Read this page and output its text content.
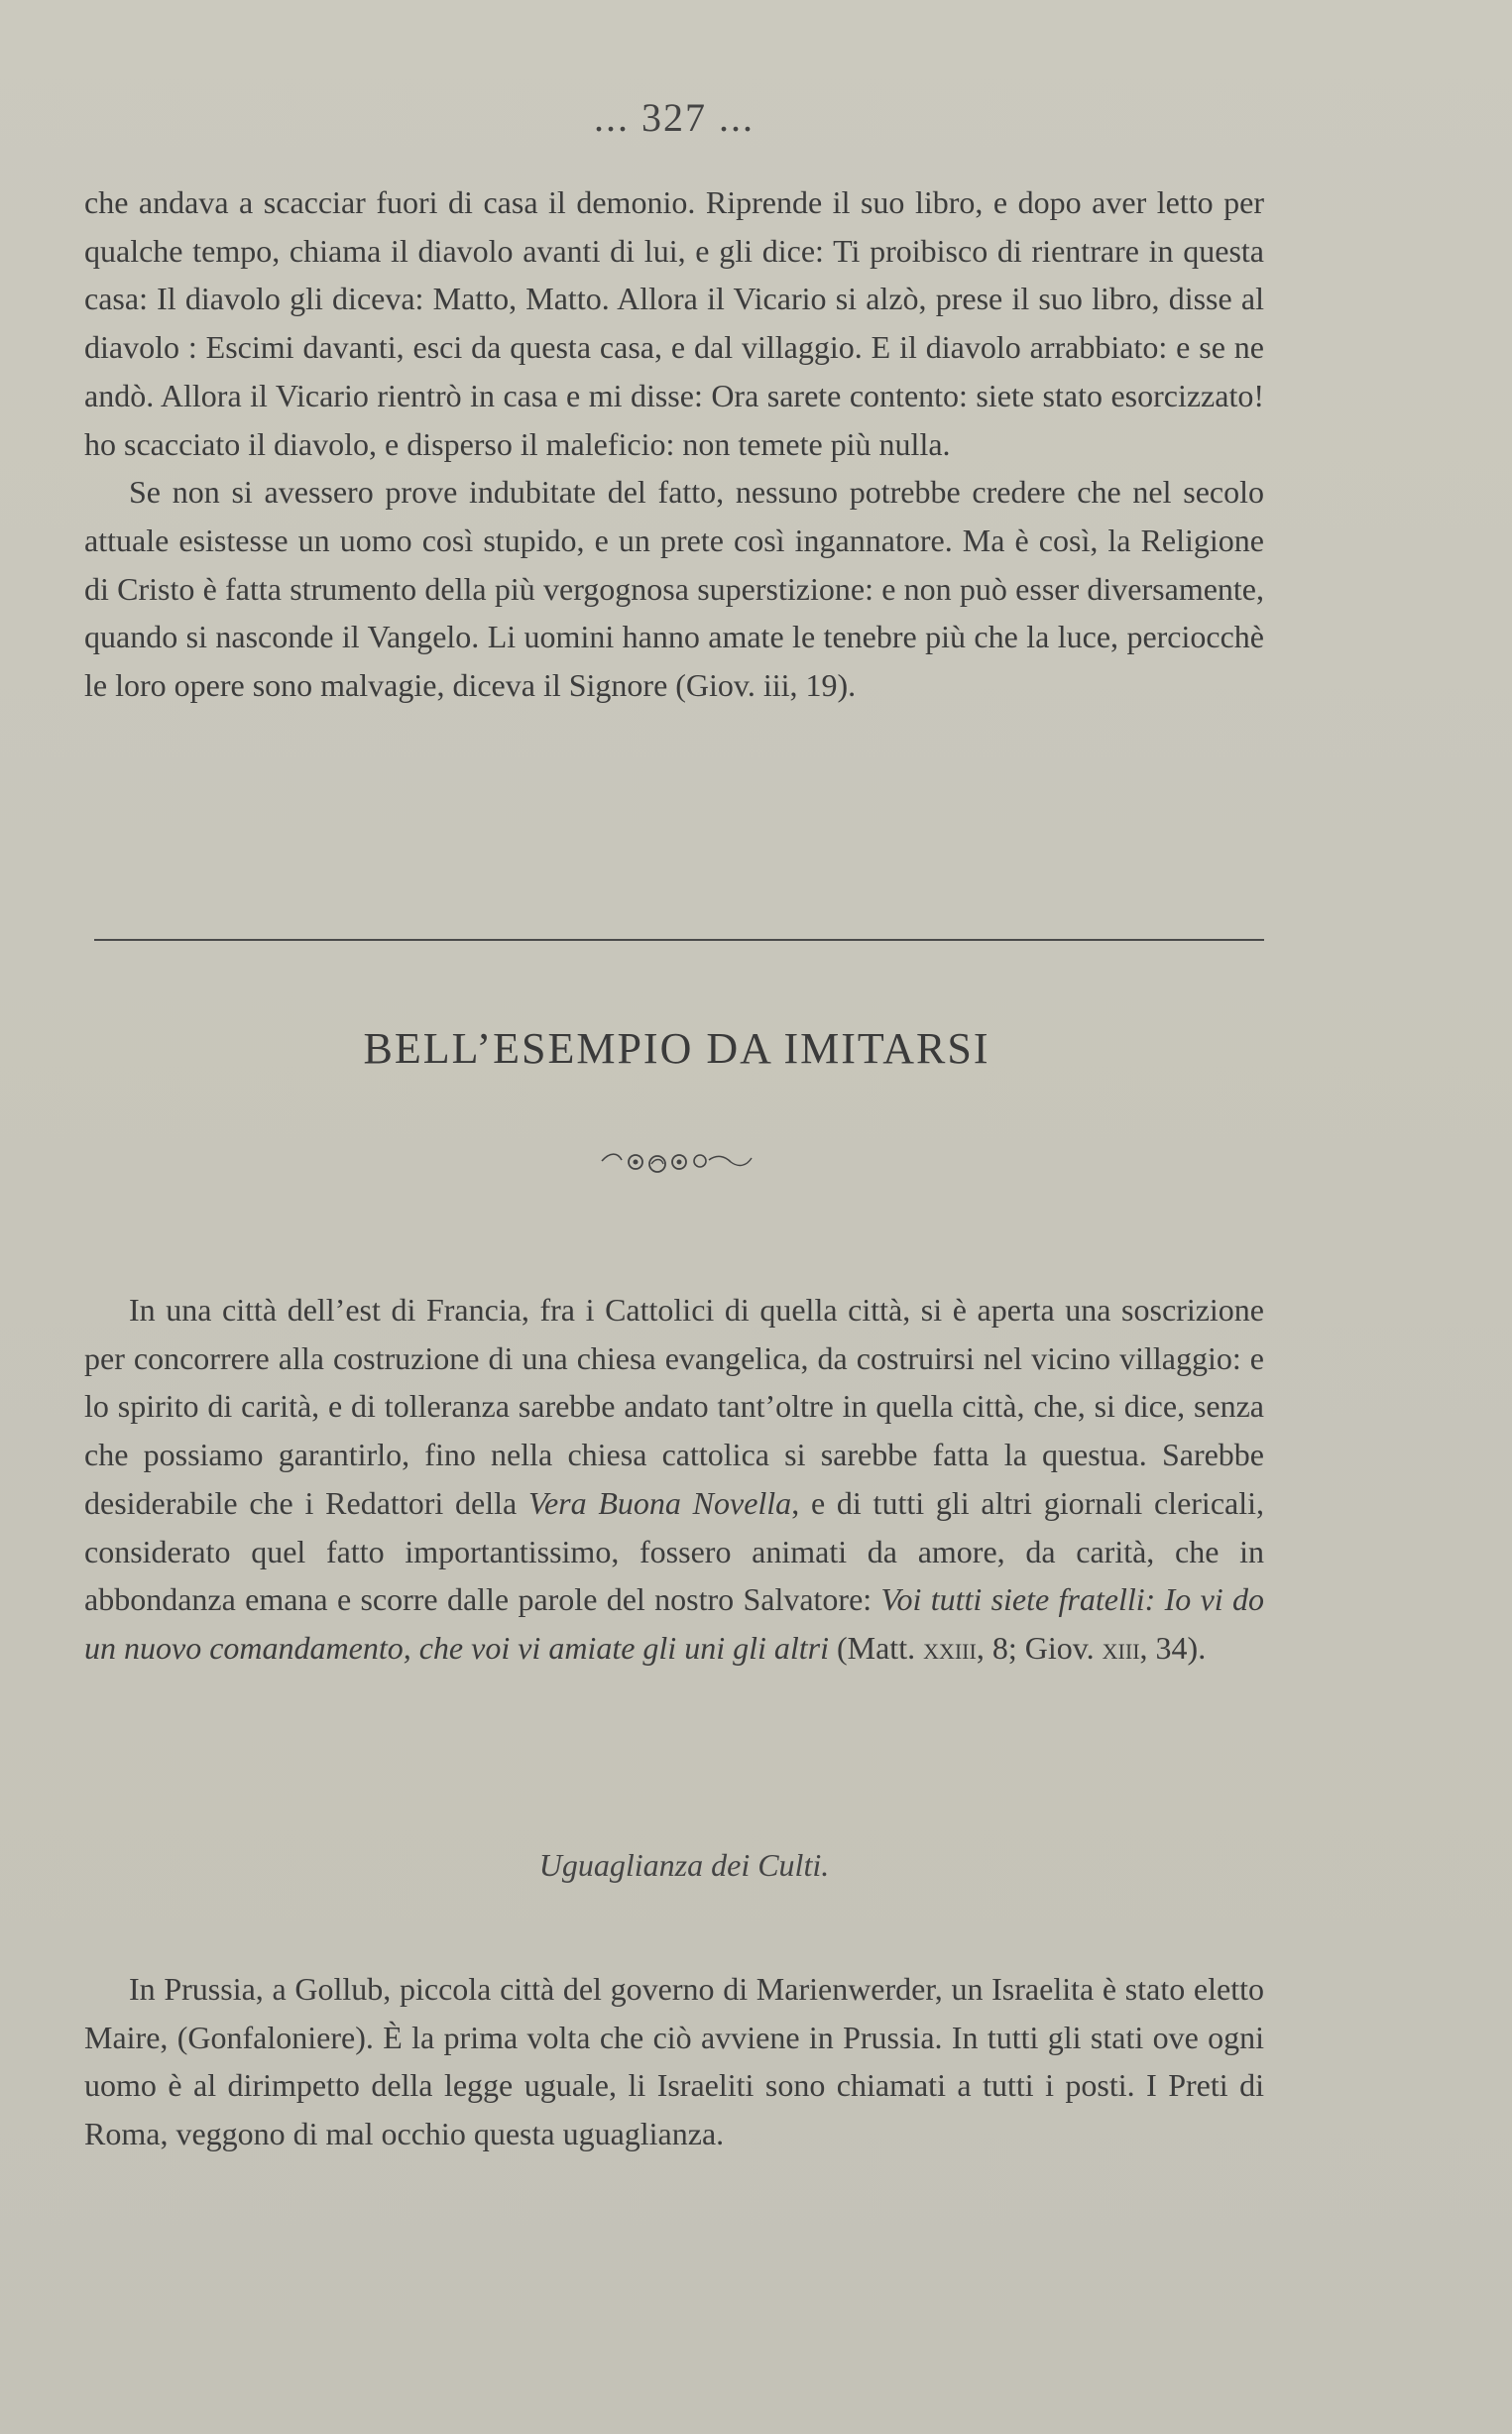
... 327 ...

che andava a scacciar fuori di casa il demonio. Riprende il suo libro, e dopo aver letto per qualche tempo, chiama il diavolo avanti di lui, e gli dice: Ti proibisco di rientrare in questa casa: Il diavolo gli diceva: Matto, Matto. Allora il Vicario si alzò, prese il suo libro, disse al diavolo : Escimi davanti, esci da questa casa, e dal villaggio. E il diavolo arrabbiato: e se ne andò. Allora il Vicario rientrò in casa e mi disse: Ora sarete contento: siete stato esorcizzato! ho scacciato il diavolo, e disperso il maleficio: non temete più nulla.

Se non si avessero prove indubitate del fatto, nessuno potrebbe credere che nel secolo attuale esistesse un uomo così stupido, e un prete così ingannatore. Ma è così, la Religione di Cristo è fatta strumento della più vergognosa superstizione: e non può esser diversamente, quando si nasconde il Vangelo. Li uomini hanno amate le tenebre più che la luce, perciocchè le loro opere sono malvagie, diceva il Signore (Giov. iii, 19).

BELL’ESEMPIO DA IMITARSI

In una città dell’est di Francia, fra i Cattolici di quella città, si è aperta una soscrizione per concorrere alla costruzione di una chiesa evangelica, da costruirsi nel vicino villaggio: e lo spirito di carità, e di tolleranza sarebbe andato tant’oltre in quella città, che, si dice, senza che possiamo garantirlo, fino nella chiesa cattolica si sarebbe fatta la questua. Sarebbe desiderabile che i Redattori della Vera Buona Novella, e di tutti gli altri giornali clericali, considerato quel fatto importantissimo, fossero animati da amore, da carità, che in abbondanza emana e scorre dalle parole del nostro Salvatore: Voi tutti siete fratelli: Io vi do un nuovo comandamento, che voi vi amiate gli uni gli altri (Matt. xxiii, 8; Giov. xiii, 34).

Uguaglianza dei Culti.

In Prussia, a Gollub, piccola città del governo di Marienwerder, un Israelita è stato eletto Maire, (Gonfaloniere). È la prima volta che ciò avviene in Prussia. In tutti gli stati ove ogni uomo è al dirimpetto della legge uguale, li Israeliti sono chiamati a tutti i posti. I Preti di Roma, veggono di mal occhio questa uguaglianza.
